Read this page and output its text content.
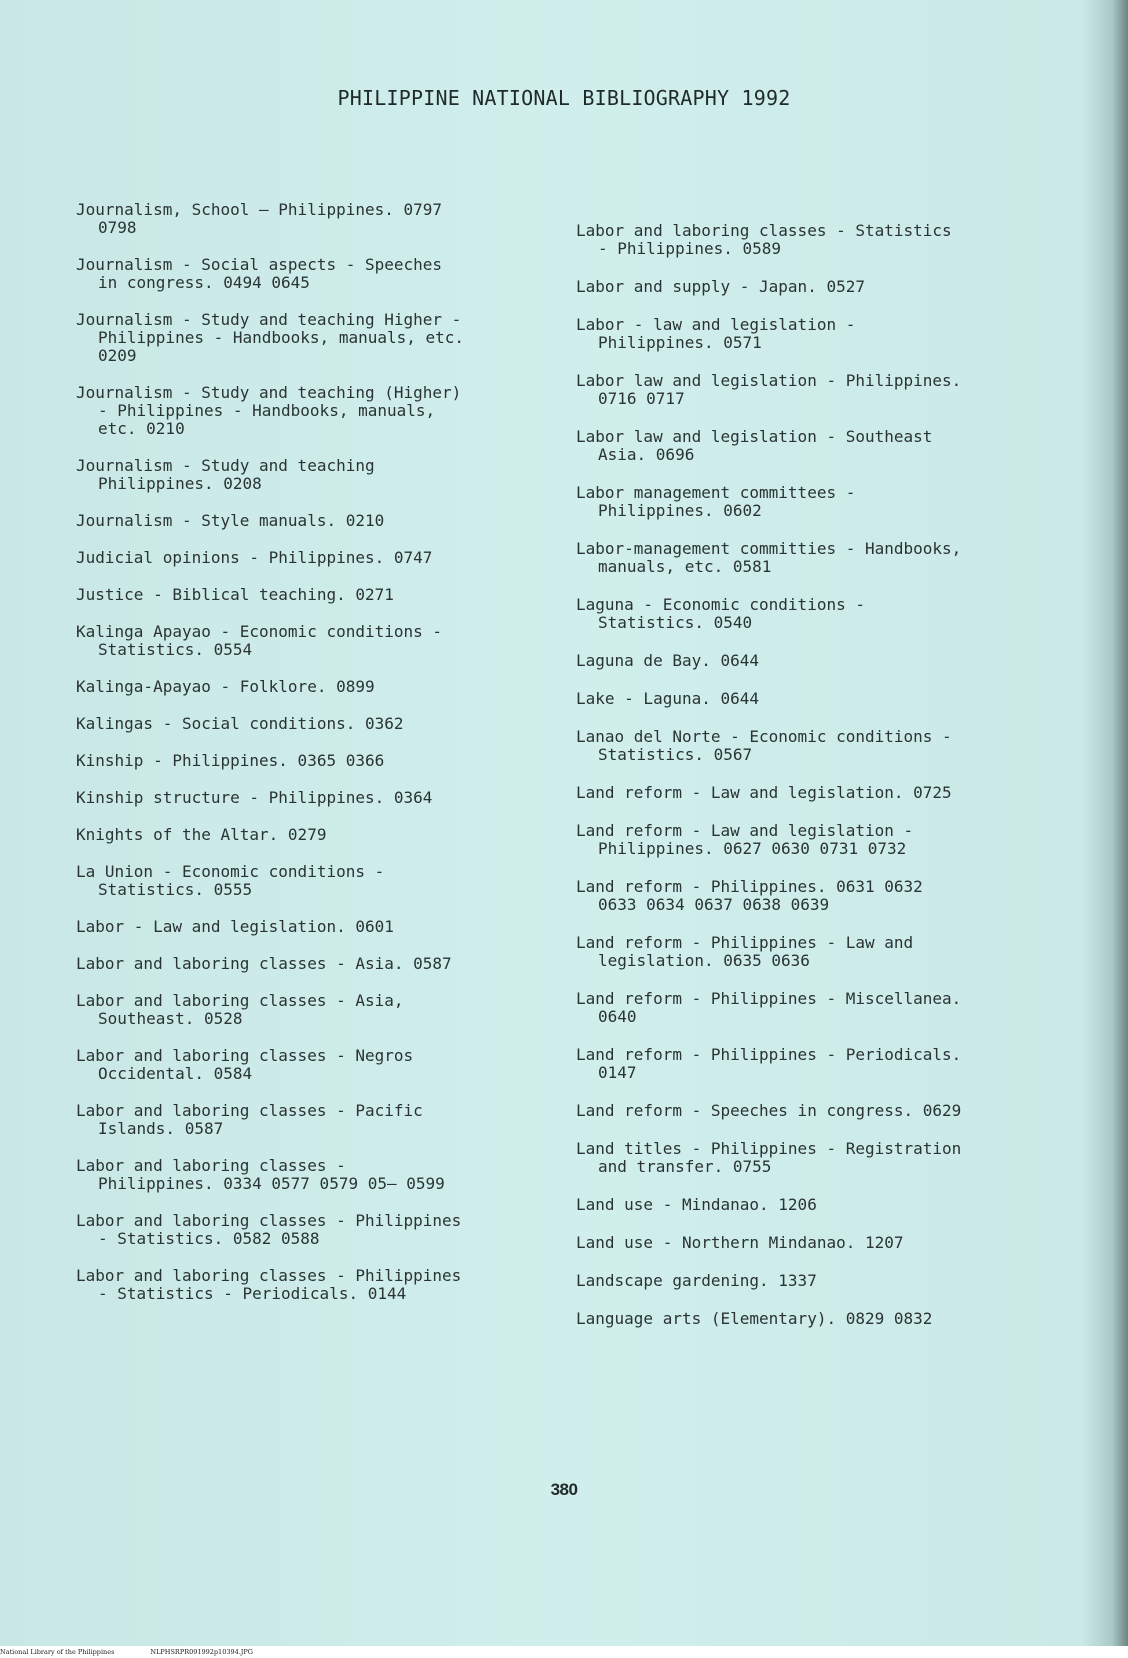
PHILIPPINE NATIONAL BIBLIOGRAPHY 1992
Journalism, School – Philippines. 0797
0798
Journalism - Social aspects - Speeches
in congress. 0494 0645
Journalism - Study and teaching Higher -
Philippines - Handbooks, manuals, etc.
0209
Journalism - Study and teaching (Higher)
- Philippines - Handbooks, manuals,
etc. 0210
Journalism - Study and teaching
Philippines. 0208
Journalism - Style manuals. 0210
Judicial opinions - Philippines. 0747
Justice - Biblical teaching. 0271
Kalinga Apayao - Economic conditions -
Statistics. 0554
Kalinga-Apayao - Folklore. 0899
Kalingas - Social conditions. 0362
Kinship - Philippines. 0365 0366
Kinship structure - Philippines. 0364
Knights of the Altar. 0279
La Union - Economic conditions -
Statistics. 0555
Labor - Law and legislation. 0601
Labor and laboring classes - Asia. 0587
Labor and laboring classes - Asia,
Southeast. 0528
Labor and laboring classes - Negros
Occidental. 0584
Labor and laboring classes - Pacific
Islands. 0587
Labor and laboring classes -
Philippines. 0334 0577 0579 05– 0599
Labor and laboring classes - Philippines
- Statistics. 0582 0588
Labor and laboring classes - Philippines
- Statistics - Periodicals. 0144
Labor and laboring classes - Statistics
- Philippines. 0589
Labor and supply - Japan. 0527
Labor - law and legislation -
Philippines. 0571
Labor law and legislation - Philippines.
0716 0717
Labor law and legislation - Southeast
Asia. 0696
Labor management committees -
Philippines. 0602
Labor-management committies - Handbooks,
manuals, etc. 0581
Laguna - Economic conditions -
Statistics. 0540
Laguna de Bay. 0644
Lake - Laguna. 0644
Lanao del Norte - Economic conditions -
Statistics. 0567
Land reform - Law and legislation. 0725
Land reform - Law and legislation -
Philippines. 0627 0630 0731 0732
Land reform - Philippines. 0631 0632
0633 0634 0637 0638 0639
Land reform - Philippines - Law and
legislation. 0635 0636
Land reform - Philippines - Miscellanea.
0640
Land reform - Philippines - Periodicals.
0147
Land reform - Speeches in congress. 0629
Land titles - Philippines - Registration
and transfer. 0755
Land use - Mindanao. 1206
Land use - Northern Mindanao. 1207
Landscape gardening. 1337
Language arts (Elementary). 0829 0832
380
National Library of the Philippines	NLPHSRPR091992p10394.JPG
